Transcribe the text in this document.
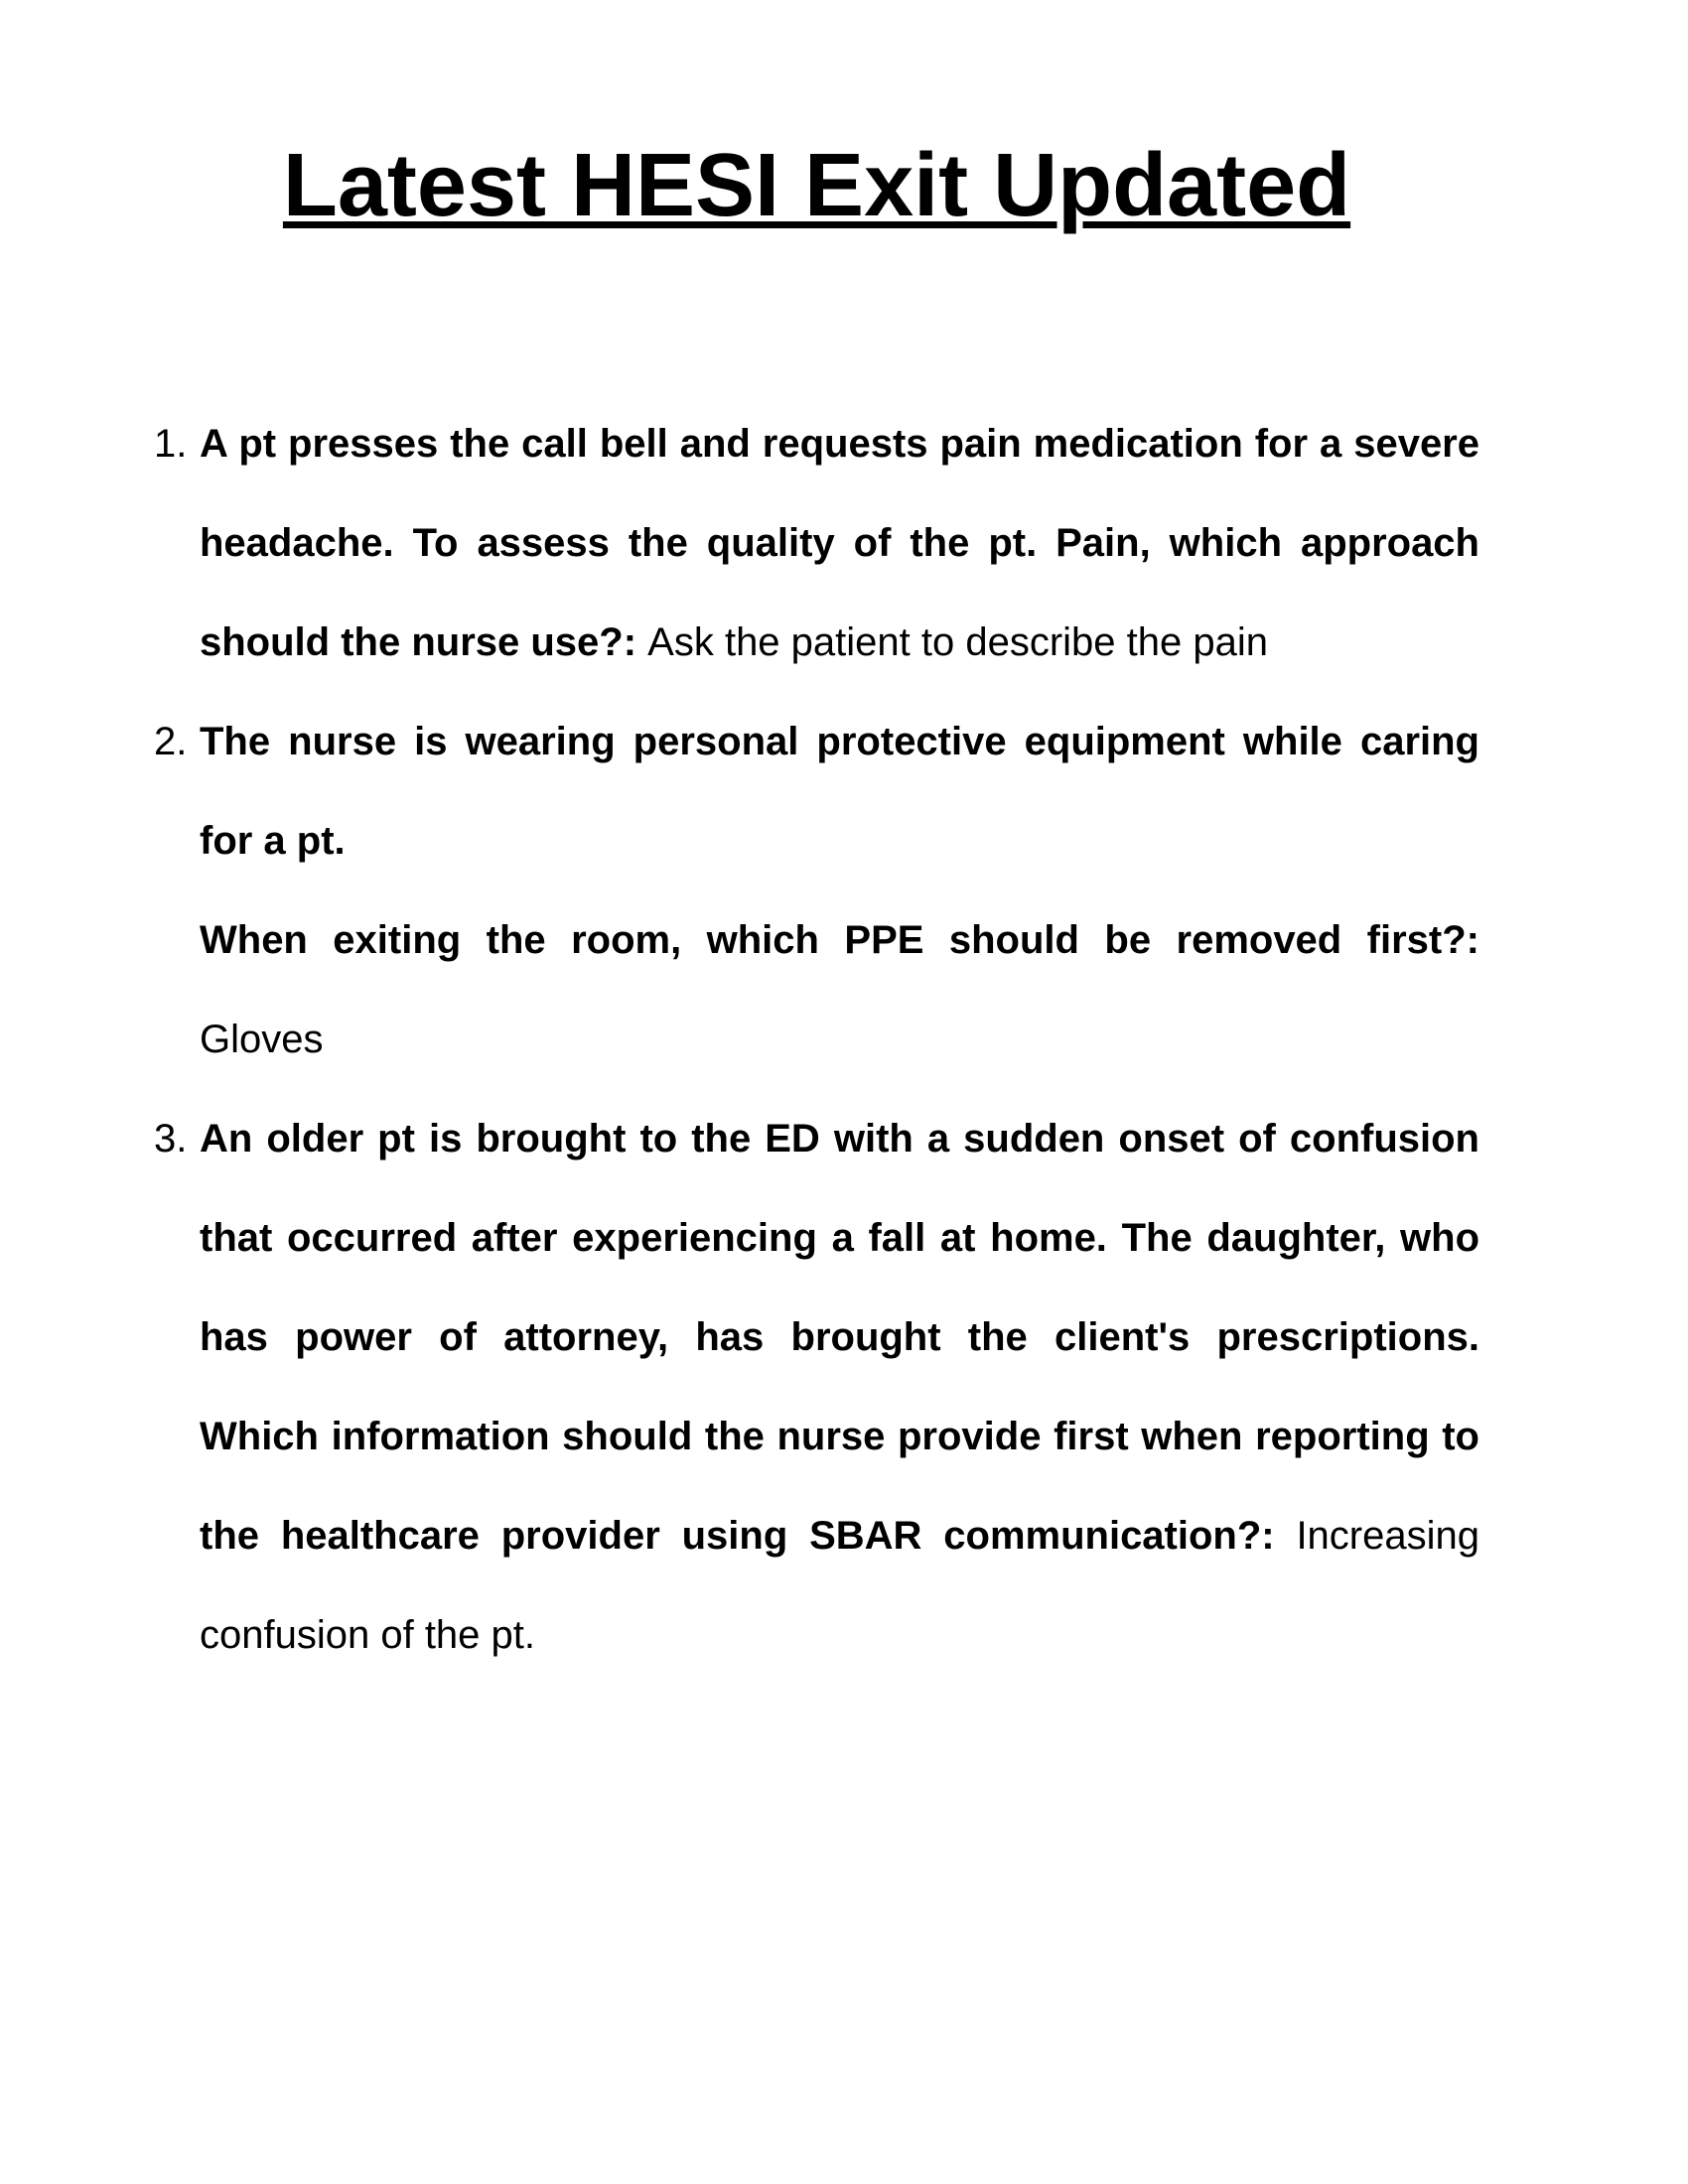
Latest HESI Exit Updated
1. A pt presses the call bell and requests pain medication for a severe headache. To assess the quality of the pt. Pain, which approach should the nurse use?: Ask the patient to describe the pain
2. The nurse is wearing personal protective equipment while caring for a pt.
When exiting the room, which PPE should be removed first?: Gloves
3. An older pt is brought to the ED with a sudden onset of confusion that occurred after experiencing a fall at home. The daughter, who has power of attorney, has brought the client's prescriptions. Which information should the nurse provide first when reporting to the healthcare provider using SBAR communication?: Increasing confusion of the pt.
